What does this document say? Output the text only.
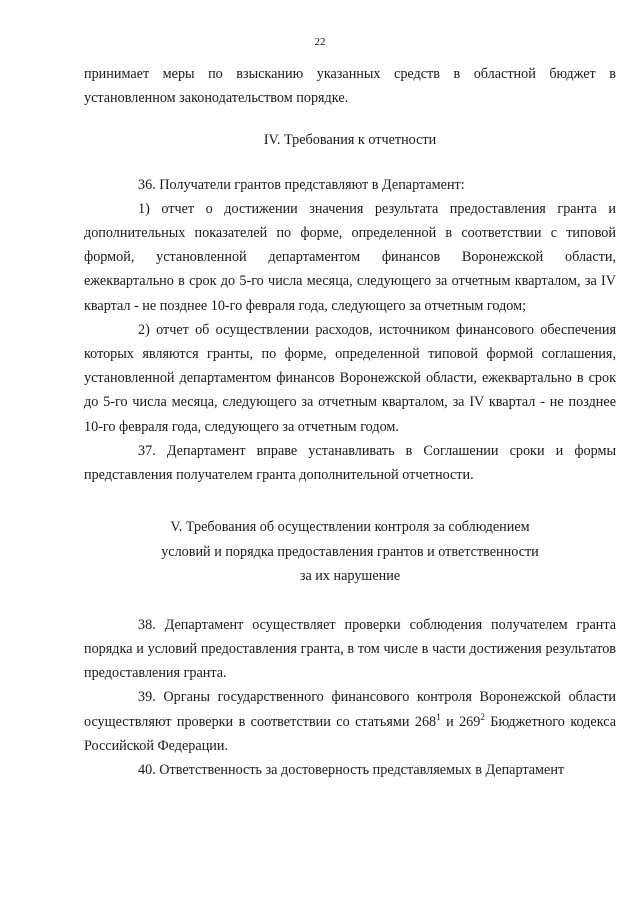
22

принимает меры по взысканию указанных средств в областной бюджет в установленном законодательством порядке.

IV. Требования к отчетности

36. Получатели грантов представляют в Департамент:

1) отчет о достижении значения результата предоставления гранта и дополнительных показателей по форме, определенной в соответствии с типовой формой, установленной департаментом финансов Воронежской области, ежеквартально в срок до 5-го числа месяца, следующего за отчетным кварталом, за IV квартал - не позднее 10-го февраля года, следующего за отчетным годом;

2) отчет об осуществлении расходов, источником финансового обеспечения которых являются гранты, по форме, определенной типовой формой соглашения, установленной департаментом финансов Воронежской области, ежеквартально в срок до 5-го числа месяца, следующего за отчетным кварталом, за IV квартал - не позднее 10-го февраля года, следующего за отчетным годом.

37. Департамент вправе устанавливать в Соглашении сроки и формы представления получателем гранта дополнительной отчетности.

V. Требования об осуществлении контроля за соблюдением
условий и порядка предоставления грантов и ответственности
за их нарушение

38. Департамент осуществляет проверки соблюдения получателем гранта порядка и условий предоставления гранта, в том числе в части достижения результатов предоставления гранта.

39. Органы государственного финансового контроля Воронежской области осуществляют проверки в соответствии со статьями $268^1$ и $269^2$ Бюджетного кодекса Российской Федерации.

40. Ответственность за достоверность представляемых в Департамент
